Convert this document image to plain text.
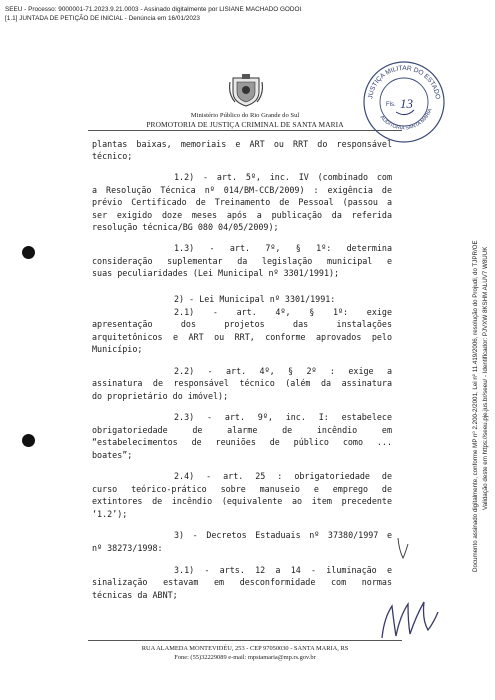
SEEU - Processo: 9000001-71.2023.9.21.0003 - Assinado digitalmente por LISIANE MACHADO GODOI
[1.1] JUNTADA DE PETIÇÃO DE INICIAL - Denúncia em 16/01/2023
Ministério Público do Rio Grande do Sul
PROMOTORIA DE JUSTIÇA CRIMINAL DE SANTA MARIA
JUSTIÇA MILITAR DO ESTADO
AUDITORIA SANTA MARIA
Fls. 13
Documento assinado digitalmente, conforme MP nº 2.200-2/2001, Lei nº 11.419/2006, resolução do Projudi, do TJPR/OE Validação deste em https://seeu.pje.jus.br/seeu/ - Identificador: PJVXW 8KSHM ALUV7 W8UUK
plantas baixas, memoriais e ART ou RRT do responsável
técnico;
1.2) - art. 5º, inc. IV (combinado com
a Resolução Técnica nº 014/BM-CCB/2009) : exigência de
prévio Certificado de Treinamento de Pessoal (passou a
ser exigido doze meses após a publicação da referida
resolução técnica/BG 080 04/05/2009);
1.3) - art. 7º, § 1º: determina
consideração suplementar da legislação municipal e
suas peculiaridades (Lei Municipal nº 3301/1991);
2) - Lei Municipal nº 3301/1991:
2.1) - art. 4º, § 1º: exige
apresentação dos projetos das instalações
arquitetônicos e ART ou RRT, conforme aprovados pelo
Município;
2.2) - art. 4º, § 2º : exige a
assinatura de responsável técnico (além da assinatura
do proprietário do imóvel);
2.3) - art. 9º, inc. I: estabelece
obrigatoriedade de alarme de incêndio em
“estabelecimentos de reuniões de público como ...
boates”;
2.4) - art. 25 : obrigatoriedade de
curso teórico-prático sobre manuseio e emprego de
extintores de incêndio (equivalente ao item precedente
‘1.2’);
3) - Decretos Estaduais nº 37380/1997 e
nº 38273/1998:
3.1) - arts. 12 a 14 - iluminação e
sinalização estavam em desconformidade com normas
técnicas da ABNT;
RUA ALAMEDA MONTEVIDÉU, 253 - CEP 97050030 - SANTA MARIA, RS
Fone: (55)32229089 e-mail: mpstamaria@mp.rs.gov.br
